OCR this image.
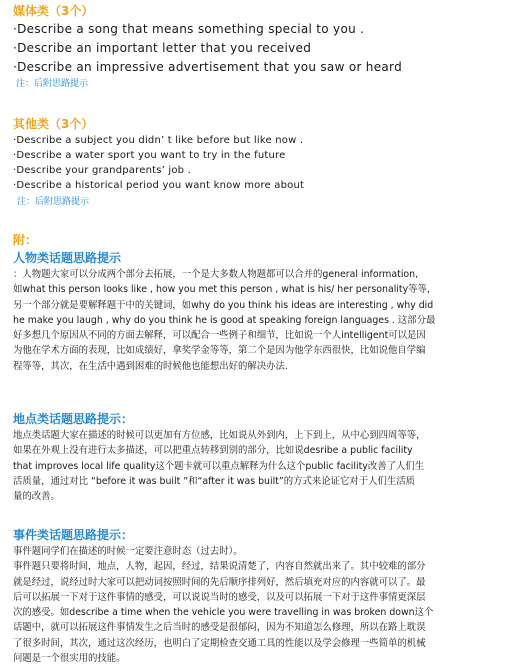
媒体类（3个）
·Describe a song that means something special to you .
·Describe an important letter that you received
·Describe an impressive advertisement that you saw or heard
注：后附思路提示
其他类（3个）
·Describe a subject you didn’ t like before but like now .
·Describe a water sport you want to try in the future
·Describe your grandparents’ job .
·Describe a historical period you want know more about
注：后附思路提示
附：
人物类话题思路提示
：人物题大家可以分成两个部分去拓展，一个是大多数人物题都可以合并的general information,
如what this person looks like , how you met this person , what is his/ her personality等等，
另一个部分就是要解释题干中的关键词，如why do you think his ideas are interesting , why did
he make you laugh , why do you think he is good at speaking foreign languages . 这部分最
好多想几个原因从不同的方面去解释，可以配合一些例子和细节，比如说一个人intelligent可以是因
为他在学术方面的表现，比如成绩好，拿奖学金等等，第二个是因为他学东西很快，比如说他自学编
程等等，其次，在生活中遇到困难的时候他也能想出好的解决办法.
地点类话题思路提示：
地点类话题大家在描述的时候可以更加有方位感，比如说从外到内，上下到上，从中心到四周等等，
如果在外观上没有进行太多描述，可以把重点转移到别的部分，比如说desribe a public facility
that improves local life quality这个题卡就可以重点解释为什么这个public facility改善了人们生
活质量，通过对比 “before it was built ”和“after it was built”的方式来论证它对于人们生活质
量的改善。
事件类话题思路提示：
事件题同学们在描述的时候一定要注意时态（过去时）。
事件题只要将时间，地点，人物，起因，经过，结果说清楚了，内容自然就出来了。其中较难的部分
就是经过，说经过时大家可以把动词按照时间的先后顺序排列好，然后填充对应的内容就可以了。最
后可以拓展一下对于这件事情的感受，可以说说当时的感受，以及可以拓展一下对于这件事情更深层
次的感受。如describe a time when the vehicle you were travelling in was broken down这个
话题中，就可以拓展这件事情发生之后当时的感受是很郁闷，因为不知道怎么修理，所以在路上耽误
了很多时间，其次，通过这次经历，也明白了定期检查交通工具的性能以及学会修理一些简单的机械
问题是一个很实用的技能。
